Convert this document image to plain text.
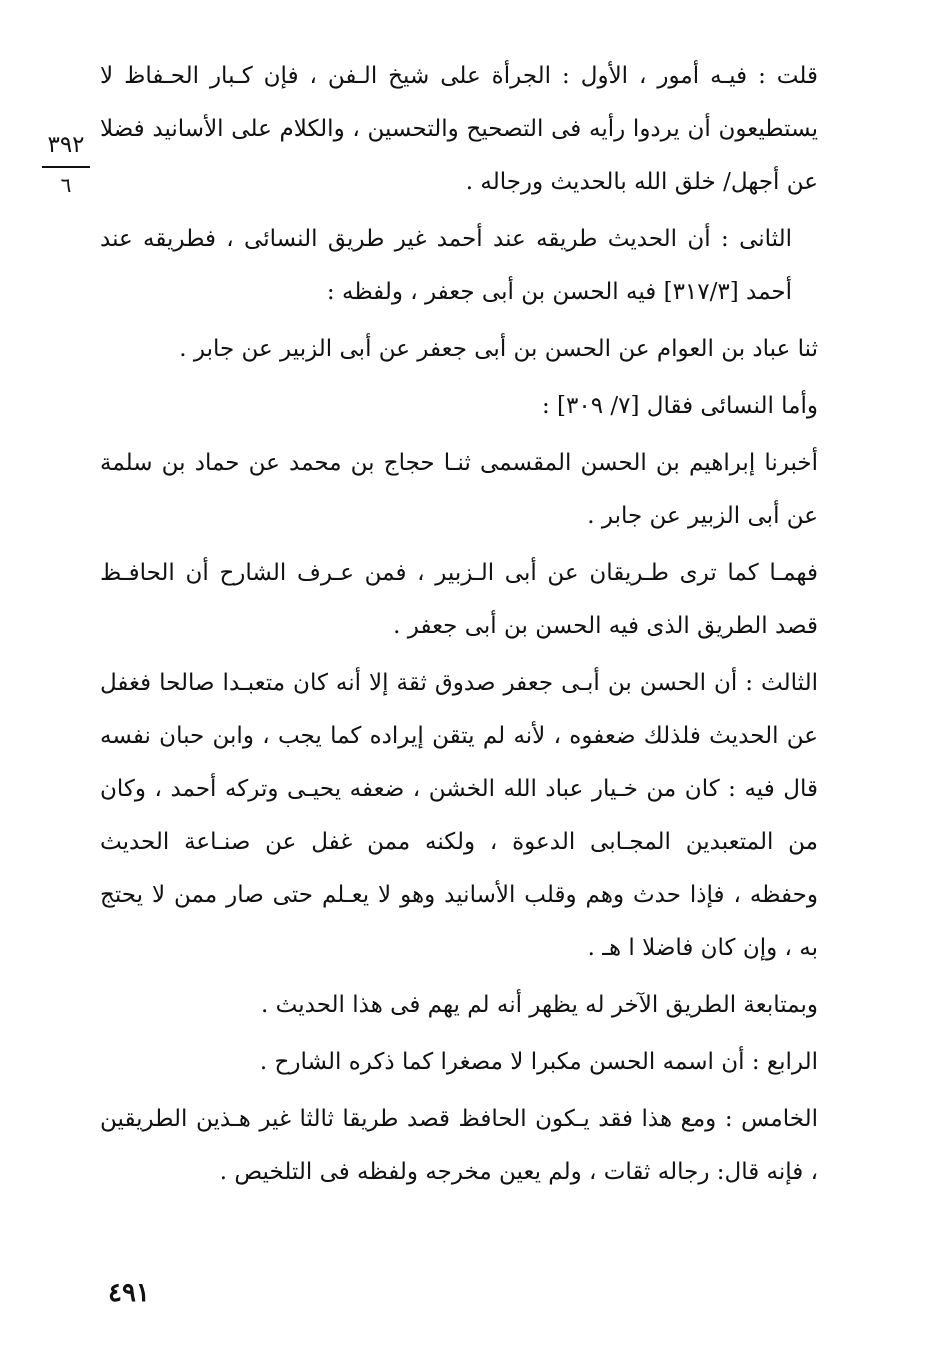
٣٩٢
٦

قلت : فيـه أمور ، الأول : الجرأة على شيخ الـفن ، فإن كـبار الحـفاظ لا يستطيعون أن يردوا رأيه فى التصحيح والتحسين ، والكلام على الأسانيد فضلا عن أجهل/ خلق الله بالحديث ورجاله .

الثانى : أن الحديث طريقه عند أحمد غير طريق النسائى ، فطريقه عند أحمد [٣١٧/٣] فيه الحسن بن أبى جعفر ، ولفظه :

ثنا عباد بن العوام عن الحسن بن أبى جعفر عن أبى الزبير عن جابر .

وأما النسائى فقال [٧/ ٣٠٩] :

أخبرنا إبراهيم بن الحسن المقسمى ثنـا حجاج بن محمد عن حماد بن سلمة عن أبى الزبير عن جابر .

فهمـا كما ترى طـريقان عن أبى الـزبير ، فمن عـرف الشارح أن الحافـظ قصد الطريق الذى فيه الحسن بن أبى جعفر .

الثالث : أن الحسن بن أبـى جعفر صدوق ثقة إلا أنه كان متعبـدا صالحا فغفل عن الحديث فلذلك ضعفوه ، لأنه لم يتقن إيراده كما يجب ، وابن حبان نفسه قال فيه : كان من خـيار عباد الله الخشن ، ضعفه يحيـى وتركه أحمد ، وكان من المتعبدين المجـابى الدعوة ، ولكنه ممن غفل عن صنـاعة الحديث وحفظه ، فإذا حدث وهم وقلب الأسانيد وهو لا يعـلم حتى صار ممن لا يحتج به ، وإن كان فاضلا ا هـ .

وبمتابعة الطريق الآخر له يظهر أنه لم يهم فى هذا الحديث .

الرابع : أن اسمه الحسن مكبرا لا مصغرا كما ذكره الشارح .

الخامس : ومع هذا فقد يـكون الحافظ قصد طريقا ثالثا غير هـذين الطريقين ، فإنه قال: رجاله ثقات ، ولم يعين مخرجه ولفظه فى التلخيص .

٤٩١
